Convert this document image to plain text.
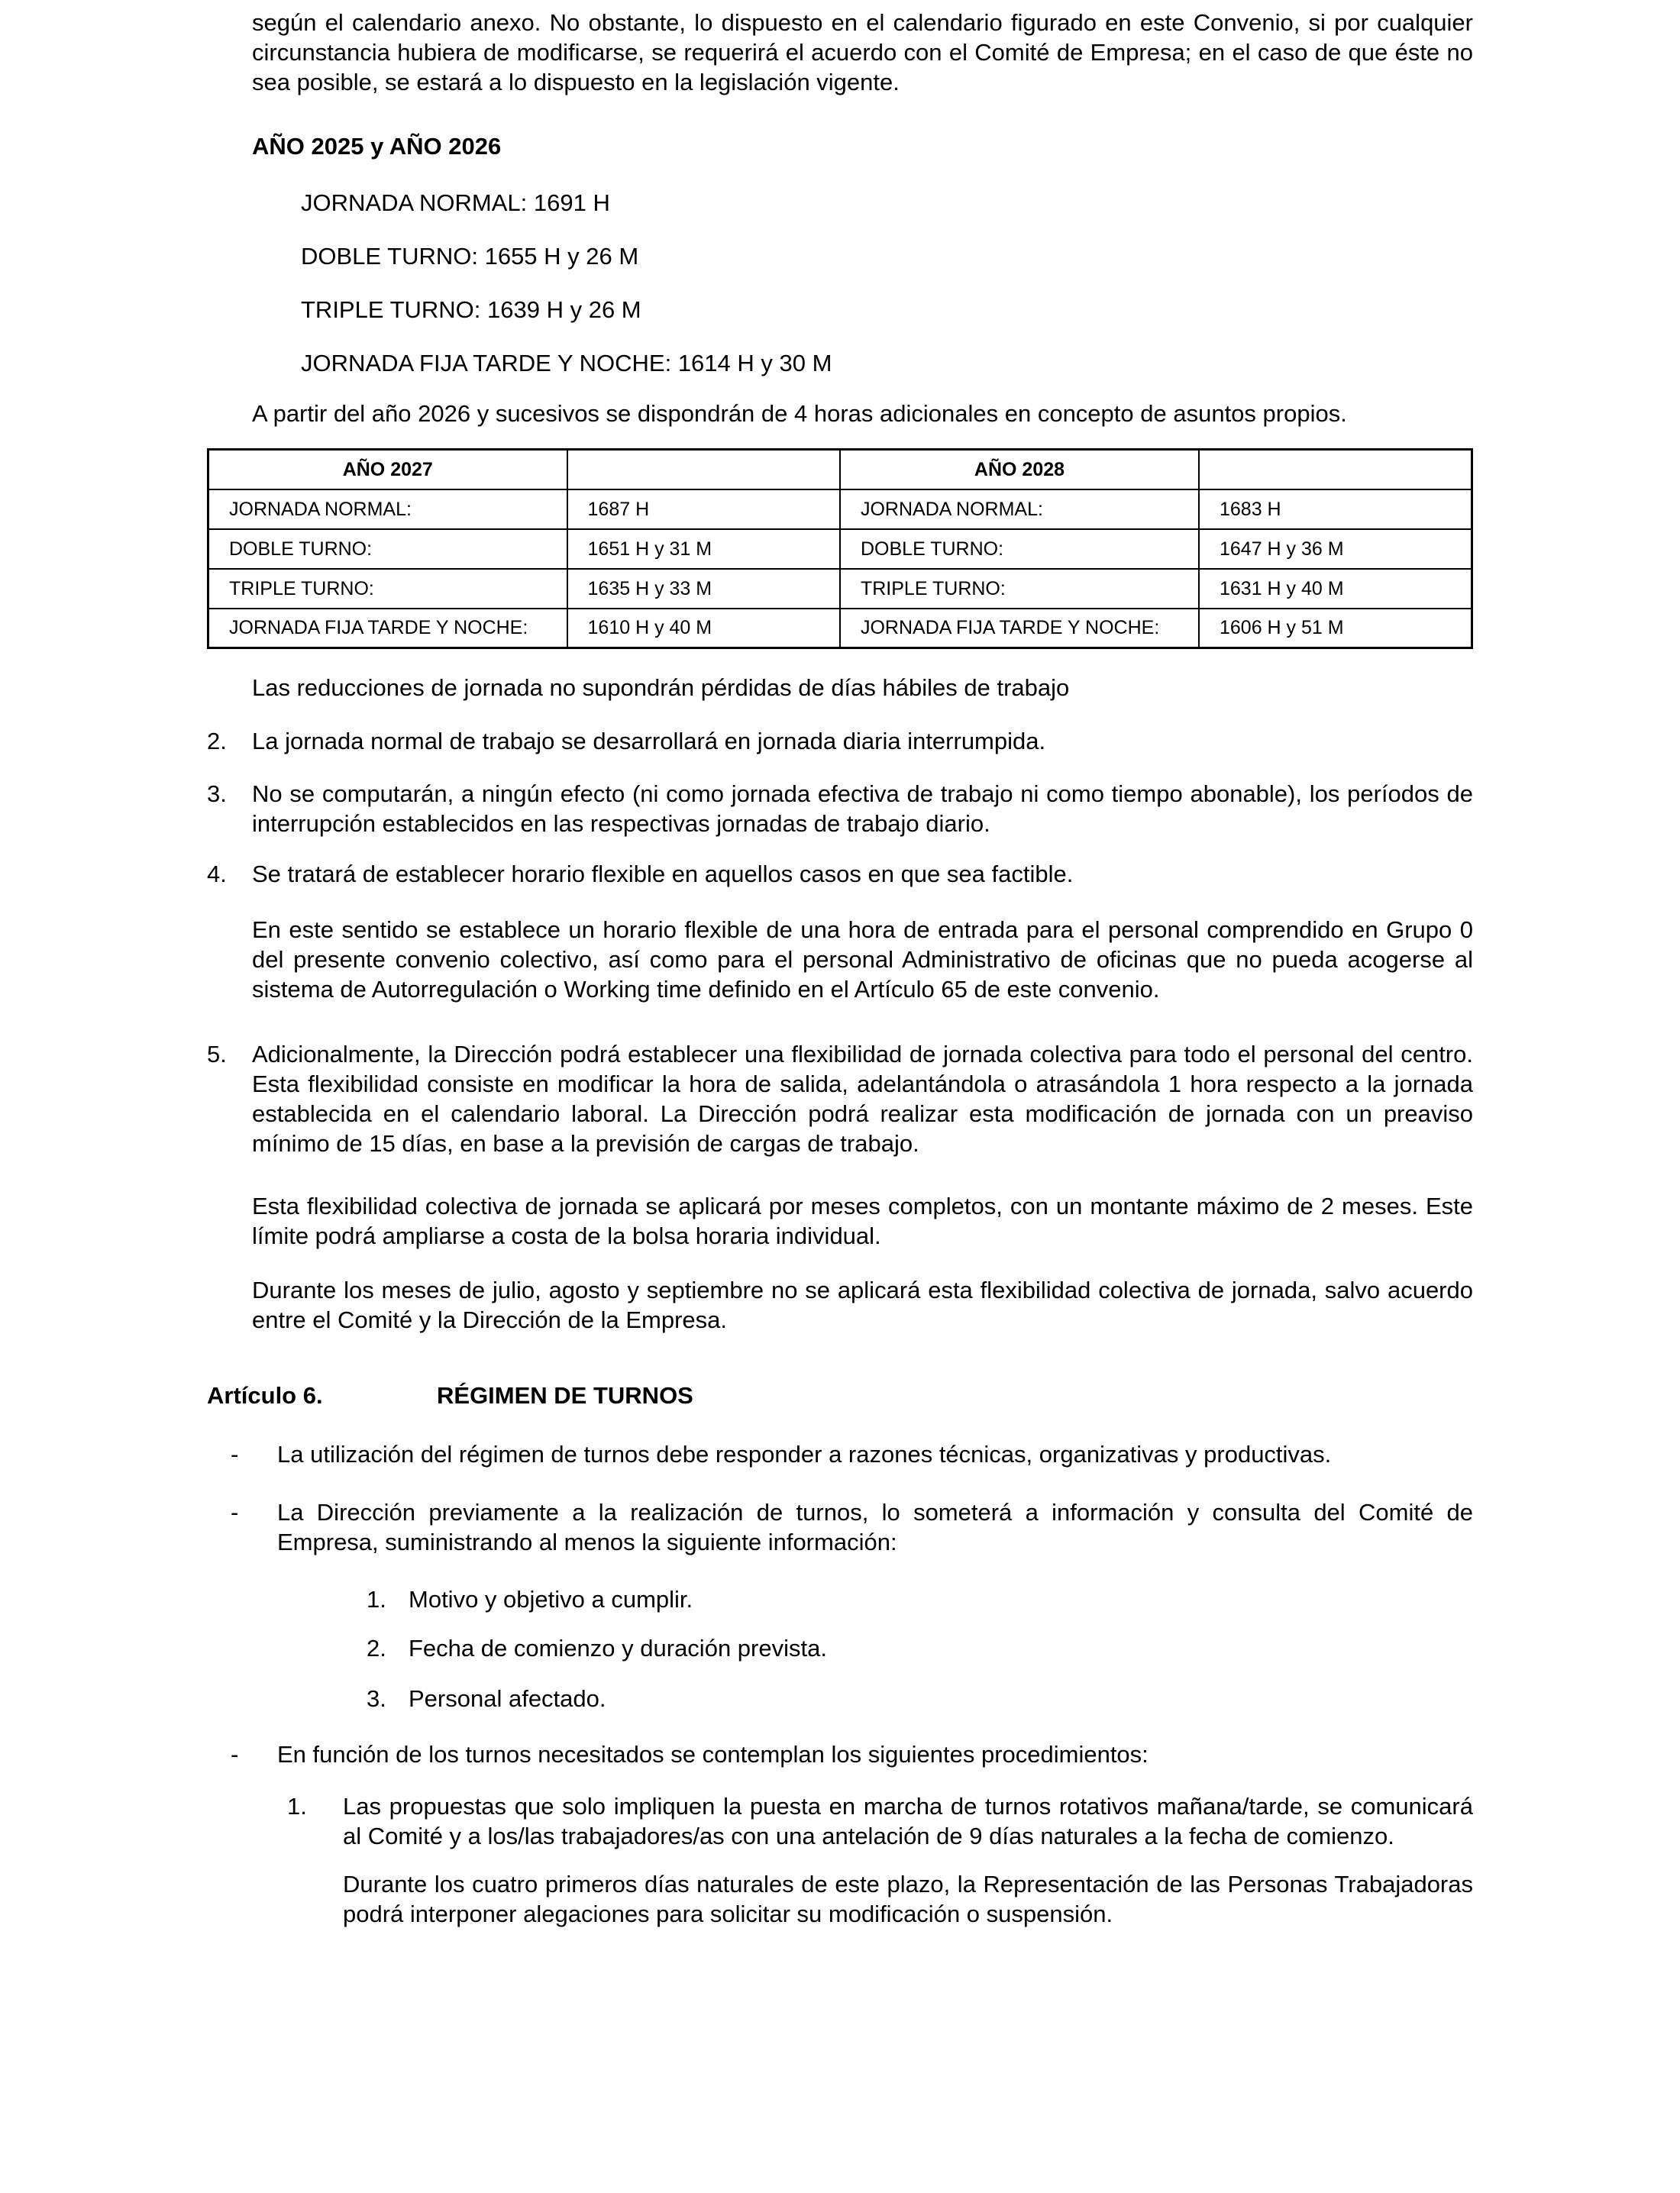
según el calendario anexo. No obstante, lo dispuesto en el calendario figurado en este Convenio, si por cualquier circunstancia hubiera de modificarse, se requerirá el acuerdo con el Comité de Empresa; en el caso de que éste no sea posible, se estará a lo dispuesto en la legislación vigente.

AÑO 2025 y AÑO 2026

JORNADA NORMAL: 1691 H

DOBLE TURNO: 1655 H y 26 M

TRIPLE TURNO: 1639 H y 26 M

JORNADA FIJA TARDE Y NOCHE: 1614 H y 30 M

A partir del año 2026 y sucesivos se dispondrán de 4 horas adicionales en concepto de asuntos propios.

AÑO 2027		AÑO 2028	
JORNADA NORMAL:	1687 H	JORNADA NORMAL:	1683 H
DOBLE TURNO:	1651 H y 31 M	DOBLE TURNO:	1647 H y 36 M
TRIPLE TURNO:	1635 H y 33 M	TRIPLE TURNO:	1631 H y 40 M
JORNADA FIJA TARDE Y NOCHE:	1610 H y 40 M	JORNADA FIJA TARDE Y NOCHE:	1606 H y 51 M

Las reducciones de jornada no supondrán pérdidas de días hábiles de trabajo

2. La jornada normal de trabajo se desarrollará en jornada diaria interrumpida.
3. No se computarán, a ningún efecto (ni como jornada efectiva de trabajo ni como tiempo abonable), los períodos de interrupción establecidos en las respectivas jornadas de trabajo diario.
4. Se tratará de establecer horario flexible en aquellos casos en que sea factible.

En este sentido se establece un horario flexible de una hora de entrada para el personal comprendido en Grupo 0 del presente convenio colectivo, así como para el personal Administrativo de oficinas que no pueda acogerse al sistema de Autorregulación o Working time definido en el Artículo 65 de este convenio.

5. Adicionalmente, la Dirección podrá establecer una flexibilidad de jornada colectiva para todo el personal del centro. Esta flexibilidad consiste en modificar la hora de salida, adelantándola o atrasándola 1 hora respecto a la jornada establecida en el calendario laboral. La Dirección podrá realizar esta modificación de jornada con un preaviso mínimo de 15 días, en base a la previsión de cargas de trabajo.

Esta flexibilidad colectiva de jornada se aplicará por meses completos, con un montante máximo de 2 meses. Este límite podrá ampliarse a costa de la bolsa horaria individual.

Durante los meses de julio, agosto y septiembre no se aplicará esta flexibilidad colectiva de jornada, salvo acuerdo entre el Comité y la Dirección de la Empresa.

Artículo 6.	RÉGIMEN DE TURNOS
- La utilización del régimen de turnos debe responder a razones técnicas, organizativas y productivas.
- La Dirección previamente a la realización de turnos, lo someterá a información y consulta del Comité de Empresa, suministrando al menos la siguiente información:
1. Motivo y objetivo a cumplir.
2. Fecha de comienzo y duración prevista.
3. Personal afectado.
- En función de los turnos necesitados se contemplan los siguientes procedimientos:
1. Las propuestas que solo impliquen la puesta en marcha de turnos rotativos mañana/tarde, se comunicará al Comité y a los/las trabajadores/as con una antelación de 9 días naturales a la fecha de comienzo.

Durante los cuatro primeros días naturales de este plazo, la Representación de las Personas Trabajadoras podrá interponer alegaciones para solicitar su modificación o suspensión.
